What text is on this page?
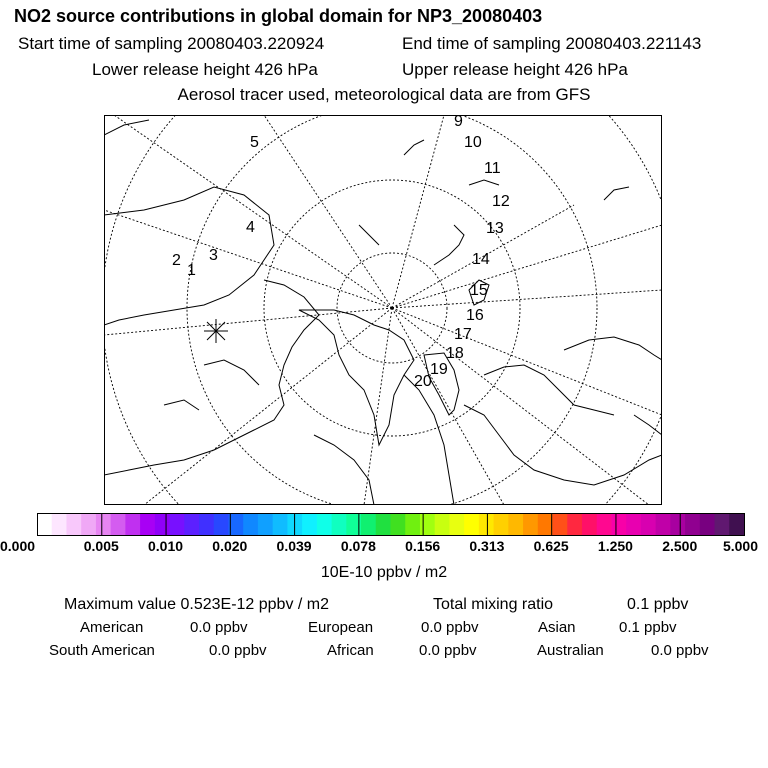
NO2 source contributions in global domain for NP3_20080403
Start time of sampling 20080403.220924	End time of sampling 20080403.221143
Lower release height 426 hPa	Upper release height 426 hPa
Aerosol tracer used, meteorological data are from GFS
1
2 3
4
5
9
10
11
12
13
14
15
16
17
18
19
20
0.000	0.005 0.010 0.020 0.039 0.078 0.156 0.313 0.625 1.250 2.500 5.000
10E-10 ppbv / m2
Maximum value 0.523E-12 ppbv / m2	Total mixing ratio	0.1 ppbv
American	0.0 ppbv	European	0.0 ppbv	Asian	0.1 ppbv
South American	0.0 ppbv	African	0.0 ppbv	Australian	0.0 ppbv
